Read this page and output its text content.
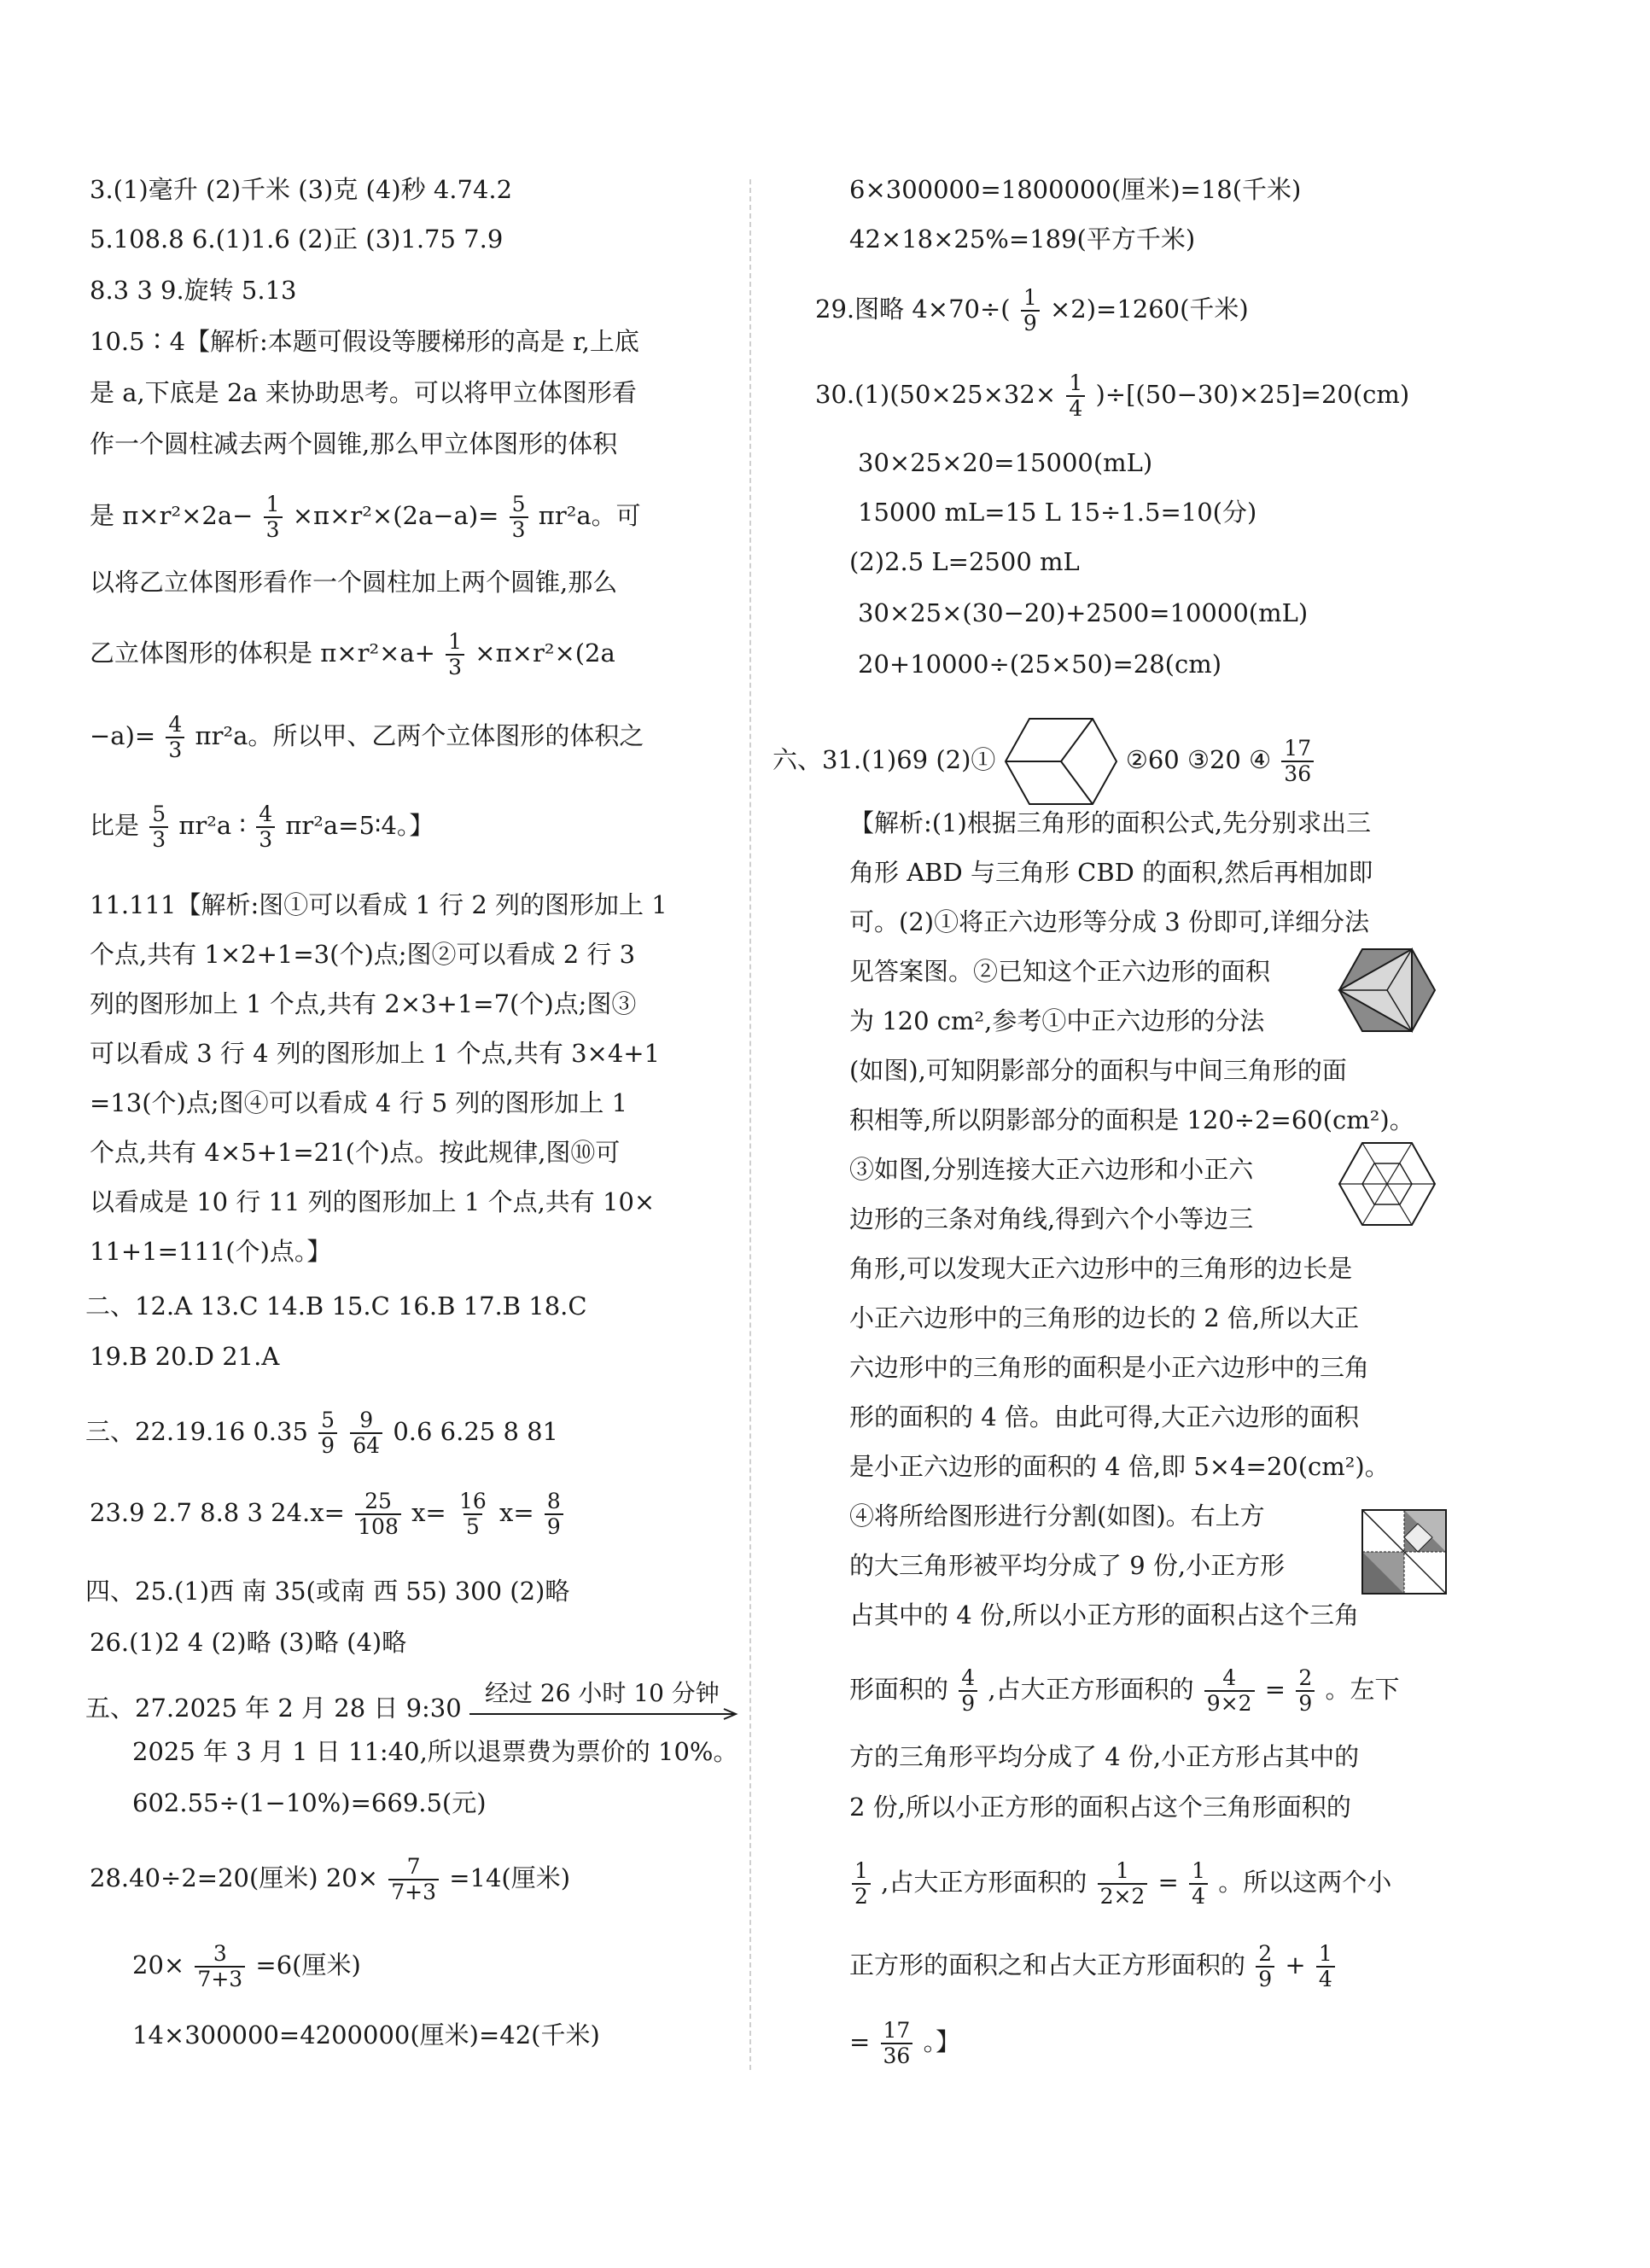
3.(1)毫升 (2)千米 (3)克 (4)秒 4.74.2
5.108.8 6.(1)1.6 (2)正 (3)1.75 7.9
8.3 3 9.旋转 5.13
10.5∶4【解析:本题可假设等腰梯形的高是 r,上底
是 a,下底是 2a 来协助思考。可以将甲立体图形看
作一个圆柱减去两个圆锥,那么甲立体图形的体积
是 $\pi\times r^2\times 2a- \frac{1}{3} \times\pi\times r^2\times(2a-a)= \frac{5}{3} \pi r^2a$。可
以将乙立体图形看作一个圆柱加上两个圆锥,那么
乙立体图形的体积是 $\pi\times r^2\times a+ \frac{1}{3} \times\pi\times r^2\times(2a$
$-a)= \frac{4}{3} \pi r^2a$。所以甲、乙两个立体图形的体积之
比是 $\frac{5}{3} \pi r^2a$ ∶ $\frac{4}{3}$ πr²a=5∶4。】
11.111【解析:图①可以看成 1 行 2 列的图形加上 1
个点,共有 1×2+1=3(个)点;图②可以看成 2 行 3
列的图形加上 1 个点,共有 2×3+1=7(个)点;图③
可以看成 3 行 4 列的图形加上 1 个点,共有 3×4+1
=13(个)点;图④可以看成 4 行 5 列的图形加上 1
个点,共有 4×5+1=21(个)点。按此规律,图⑩可
以看成是 10 行 11 列的图形加上 1 个点,共有 10×
11+1=111(个)点。】
二、12.A 13.C 14.B 15.C 16.B 17.B 18.C
19.B 20.D 21.A
三、22.19.16 $0.35 \frac{5}{9}$
$\frac{9}{64} 0.6$ 6.25 8 81
23.9 2.7 8.8 3 $24.x= \frac{25}{108} x= \frac{16}{5} x= \frac{8}{9}$
四、25.(1)西 南 35(或南 西 55) 300 (2)略
26.(1)2 4 (2)略 (3)略 (4)略
五、27.2025 年 2 月 28 日 9:30
经过 26 小时 10 分钟
2025 年 3 月 1 日 11:40,所以退票费为票价的 10%。
602.55÷(1−10%)=669.5(元)
28.40÷2=20(厘米) $20\times \frac{7}{7+3} =14$(厘米)
$20\times \frac{3}{7+3} =6$(厘米)
14×300000=4200000(厘米)=42(千米)
6×300000=1800000(厘米)=18(千米)
42×18×25%=189(平方千米)
29.图略 $4\times 70\div( \frac{1}{9} \times 2)=1260$(千米)
$30.(1)(50\times 25\times 32\times \frac{1}{4} )\div[(50-30)\times 25]=20(cm)$
30×25×20=15000(mL)
15000 mL=15 L 15÷1.5=10(分)
(2)2.5 L=2500 mL
30×25×(30−20)+2500=10000(mL)
20+10000÷(25×50)=28(cm)
六、31.(1)69 (2)①	②60 ③20 ④ $\frac{17}{36}$
【解析:(1)根据三角形的面积公式,先分别求出三
角形 ABD 与三角形 CBD 的面积,然后再相加即
可。(2)①将正六边形等分成 3 份即可,详细分法
见答案图。②已知这个正六边形的面积
为 120 cm²,参考①中正六边形的分法
(如图),可知阴影部分的面积与中间三角形的面
积相等,所以阴影部分的面积是 120÷2=60(cm²)。
③如图,分别连接大正六边形和小正六
边形的三条对角线,得到六个小等边三
角形,可以发现大正六边形中的三角形的边长是
小正六边形中的三角形的边长的 2 倍,所以大正
六边形中的三角形的面积是小正六边形中的三角
形的面积的 4 倍。由此可得,大正六边形的面积
是小正六边形的面积的 4 倍,即 5×4=20(cm²)。
④将所给图形进行分割(如图)。右上方
的大三角形被平均分成了 9 份,小正方形
占其中的 4 份,所以小正方形的面积占这个三角
形面积的 $\frac{4}{9}$ ,占大正方形面积的 $\frac{4}{9\times 2} = \frac{2}{9}$ 。左下
方的三角形平均分成了 4 份,小正方形占其中的
2 份,所以小正方形的面积占这个三角形面积的
$\frac{1}{2}$ ,占大正方形面积的 $\frac{1}{2\times 2} = \frac{1}{4}$ 。所以这两个小
正方形的面积之和占大正方形面积的 $\frac{2}{9} + \frac{1}{4}$
= $\frac{17}{36}$ 。】
